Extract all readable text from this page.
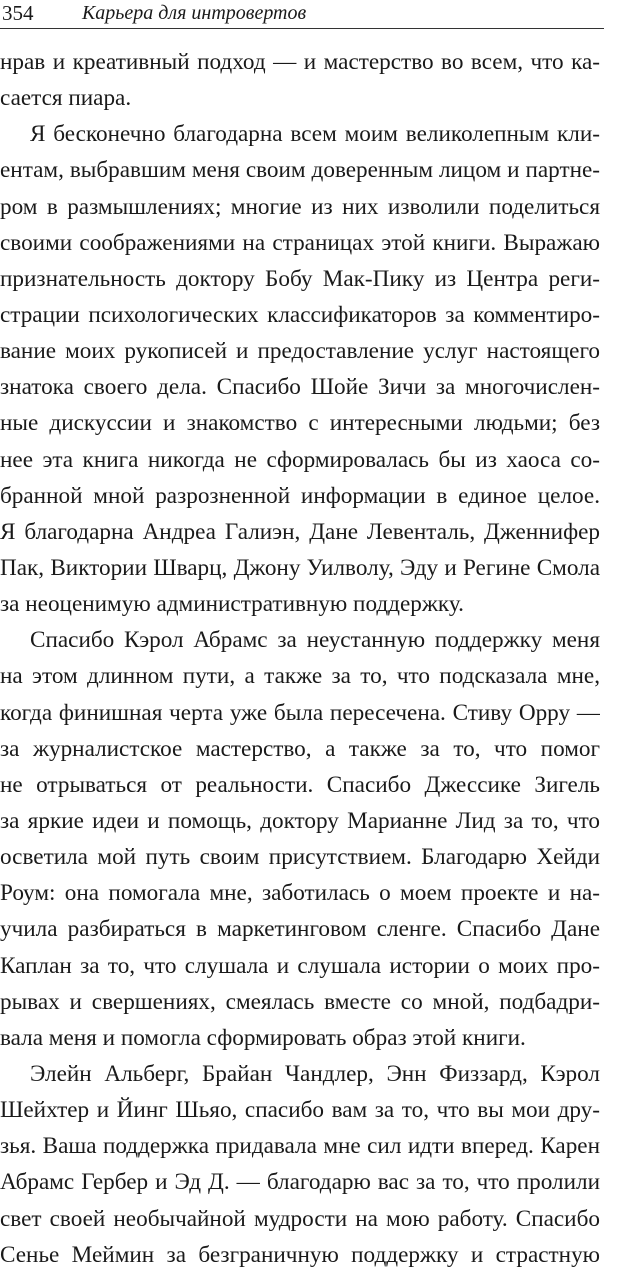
354 Карьера для интровертов
нрав и креативный подход — и мастерство во всем, что ка-
сается пиара.
Я бесконечно благодарна всем моим великолепным кли-
ентам, выбравшим меня своим доверенным лицом и партне-
ром в размышлениях; многие из них изволили поделиться
своими соображениями на страницах этой книги. Выражаю
признательность доктору Бобу Мак-Пику из Центра реги-
страции психологических классификаторов за комментиро-
вание моих рукописей и предоставление услуг настоящего
знатока своего дела. Спасибо Шойе Зичи за многочислен-
ные дискуссии и знакомство с интересными людьми; без
нее эта книга никогда не сформировалась бы из хаоса со-
бранной мной разрозненной информации в единое целое.
Я благодарна Андреа Галиэн, Дане Левенталь, Дженнифер
Пак, Виктории Шварц, Джону Уилволу, Эду и Регине Смола
за неоценимую административную поддержку.
Спасибо Кэрол Абрамс за неустанную поддержку меня
на этом длинном пути, а также за то, что подсказала мне,
когда финишная черта уже была пересечена. Стиву Орру —
за журналистское мастерство, а также за то, что помог
не отрываться от реальности. Спасибо Джессике Зигель
за яркие идеи и помощь, доктору Марианне Лид за то, что
осветила мой путь своим присутствием. Благодарю Хейди
Роум: она помогала мне, заботилась о моем проекте и на-
учила разбираться в маркетинговом сленге. Спасибо Дане
Каплан за то, что слушала и слушала истории о моих про-
рывах и свершениях, смеялась вместе со мной, подбадри-
вала меня и помогла сформировать образ этой книги.
Элейн Альберг, Брайан Чандлер, Энн Физзард, Кэрол
Шейхтер и Йинг Шьяо, спасибо вам за то, что вы мои дру-
зья. Ваша поддержка придавала мне сил идти вперед. Карен
Абрамс Гербер и Эд Д. — благодарю вас за то, что пролили
свет своей необычайной мудрости на мою работу. Спасибо
Сенье Меймин за безграничную поддержку и страстную
